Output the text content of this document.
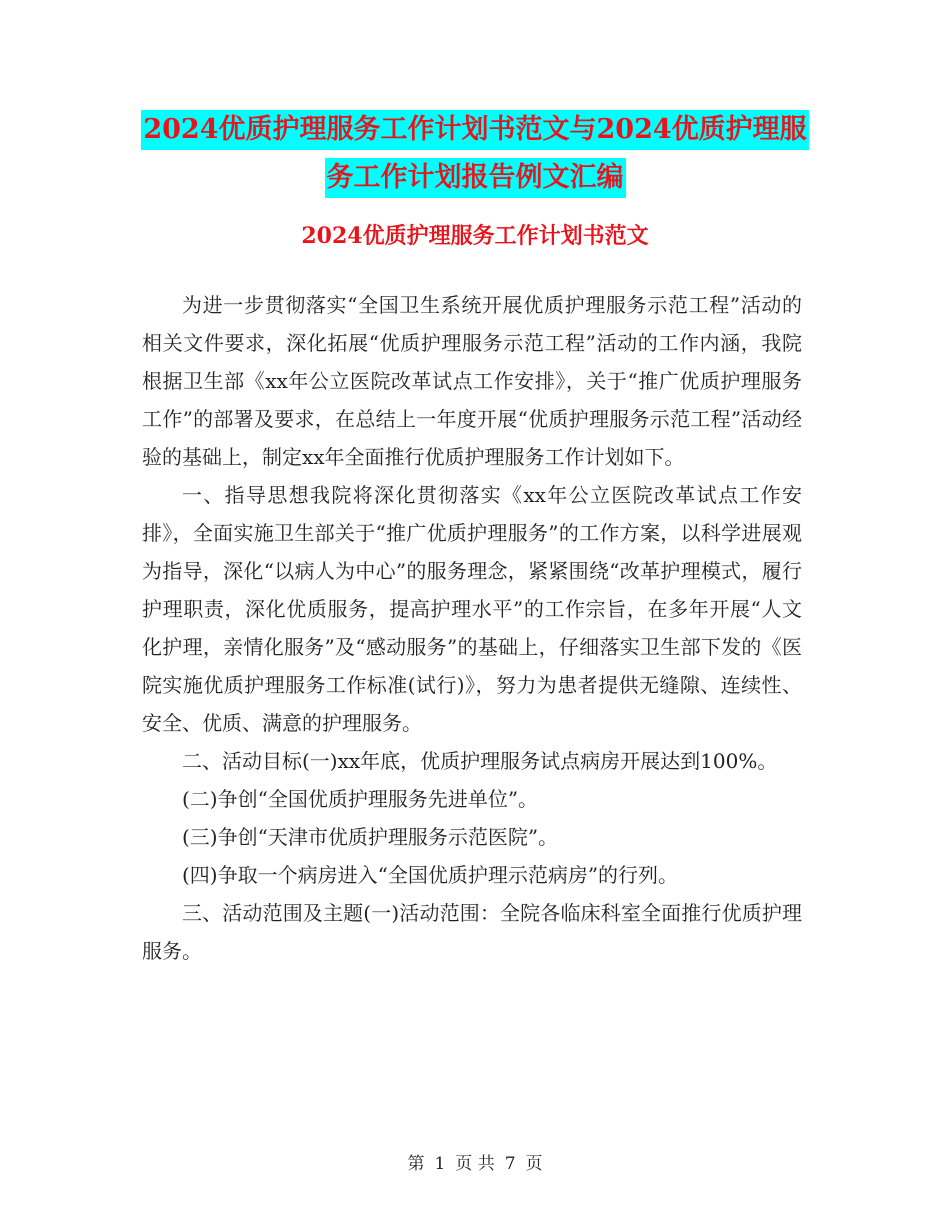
2024优质护理服务工作计划书范文与2024优质护理服
务工作计划报告例文汇编
2024优质护理服务工作计划书范文

为进一步贯彻落实“全国卫生系统开展优质护理服务示范工程”活动的相关文件要求，深化拓展“优质护理服务示范工程”活动的工作内涵，我院根据卫生部《xx年公立医院改革试点工作安排》，关于“推广优质护理服务工作”的部署及要求，在总结上一年度开展“优质护理服务示范工程”活动经验的基础上，制定xx年全面推行优质护理服务工作计划如下。

一、指导思想我院将深化贯彻落实《xx年公立医院改革试点工作安排》，全面实施卫生部关于“推广优质护理服务”的工作方案，以科学进展观为指导，深化“以病人为中心”的服务理念，紧紧围绕“改革护理模式，履行护理职责，深化优质服务，提高护理水平”的工作宗旨，在多年开展“人文化护理，亲情化服务”及“感动服务”的基础上，仔细落实卫生部下发的《医院实施优质护理服务工作标准(试行)》，努力为患者提供无缝隙、连续性、安全、优质、满意的护理服务。

二、活动目标(一)xx年底，优质护理服务试点病房开展达到100%。

(二)争创“全国优质护理服务先进单位”。

(三)争创“天津市优质护理服务示范医院”。

(四)争取一个病房进入“全国优质护理示范病房”的行列。

三、活动范围及主题(一)活动范围：全院各临床科室全面推行优质护理服务。

第 1 页 共 7 页
